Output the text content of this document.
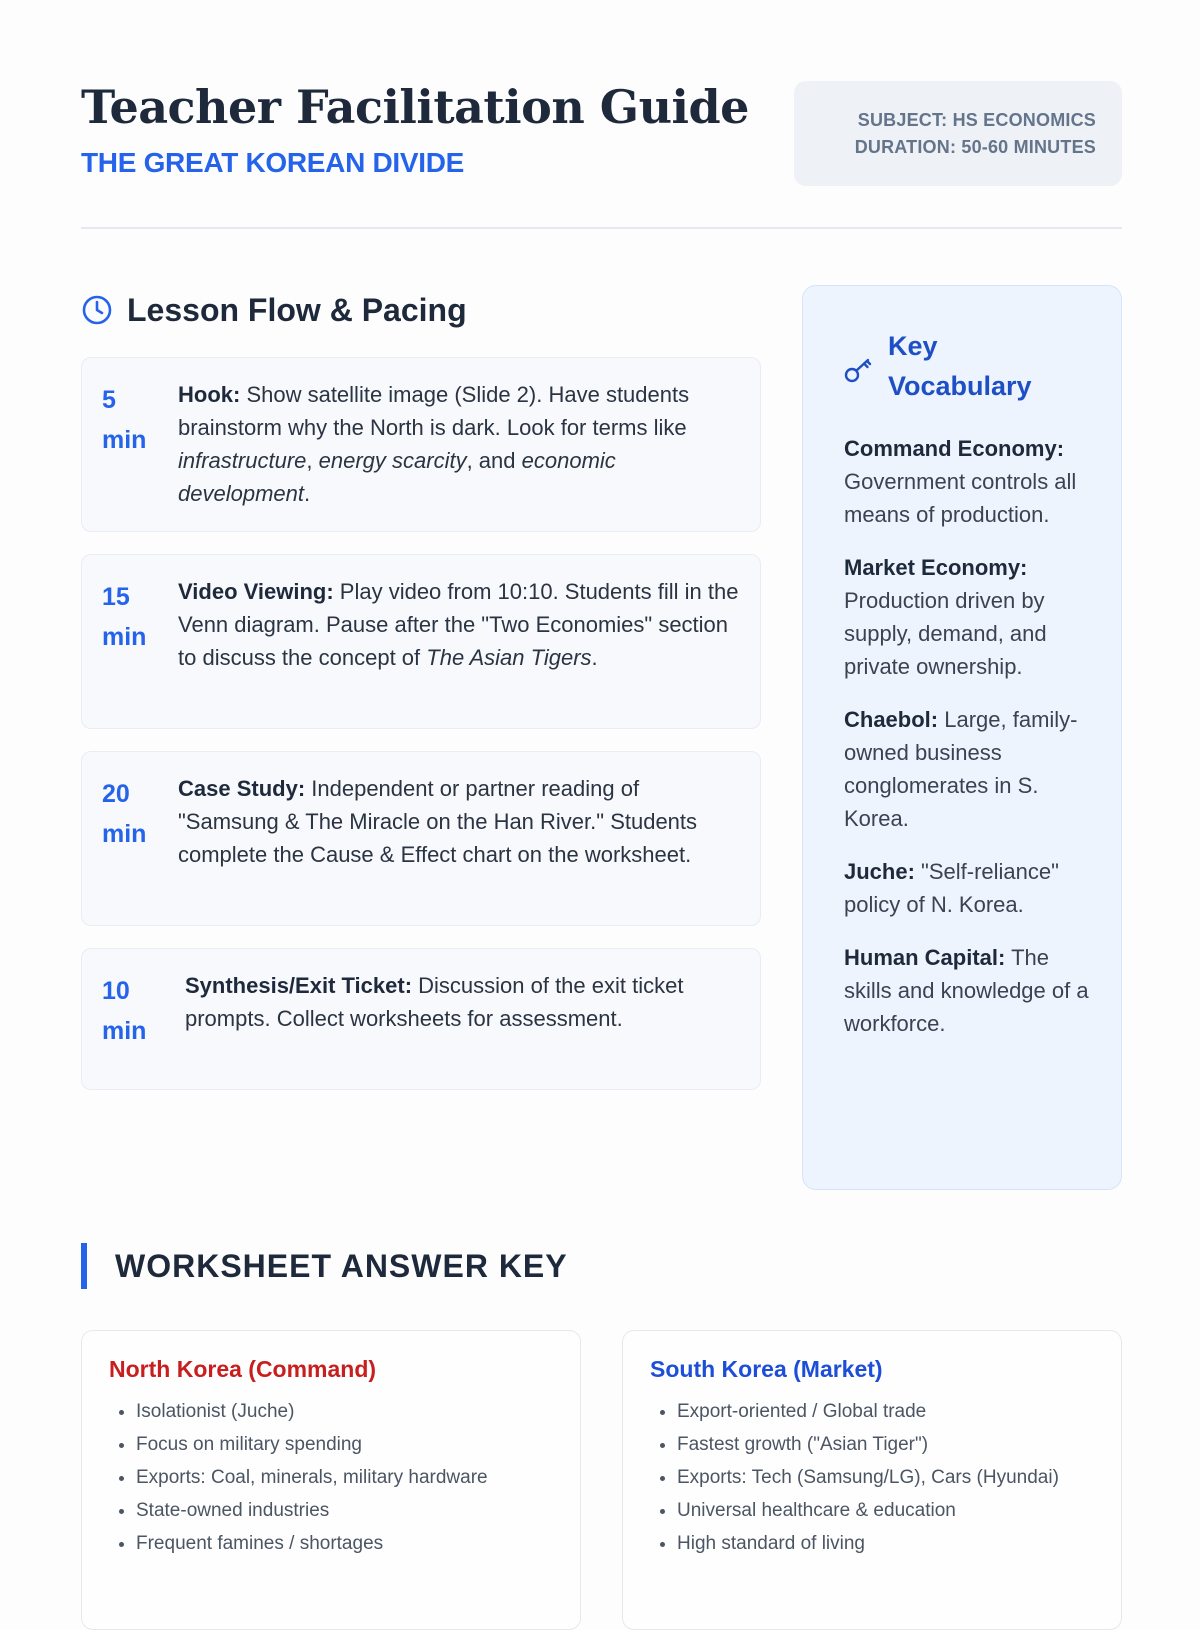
Teacher Facilitation Guide
THE GREAT KOREAN DIVIDE
SUBJECT: HS ECONOMICS
DURATION: 50-60 MINUTES
Lesson Flow & Pacing
5
min
Hook: Show satellite image (Slide 2). Have students brainstorm why the North is dark. Look for terms like infrastructure, energy scarcity, and economic development.
15
min
Video Viewing: Play video from 10:10. Students fill in the Venn diagram. Pause after the "Two Economies" section to discuss the concept of The Asian Tigers.
20
min
Case Study: Independent or partner reading of "Samsung & The Miracle on the Han River." Students complete the Cause & Effect chart on the worksheet.
10
min
Synthesis/Exit Ticket: Discussion of the exit ticket prompts. Collect worksheets for assessment.
Key Vocabulary
Command Economy: Government controls all means of production.
Market Economy: Production driven by supply, demand, and private ownership.
Chaebol: Large, family-owned business conglomerates in S. Korea.
Juche: "Self-reliance" policy of N. Korea.
Human Capital: The skills and knowledge of a workforce.
WORKSHEET ANSWER KEY
North Korea (Command)
• Isolationist (Juche)
• Focus on military spending
• Exports: Coal, minerals, military hardware
• State-owned industries
• Frequent famines / shortages
South Korea (Market)
• Export-oriented / Global trade
• Fastest growth ("Asian Tiger")
• Exports: Tech (Samsung/LG), Cars (Hyundai)
• Universal healthcare & education
• High standard of living
